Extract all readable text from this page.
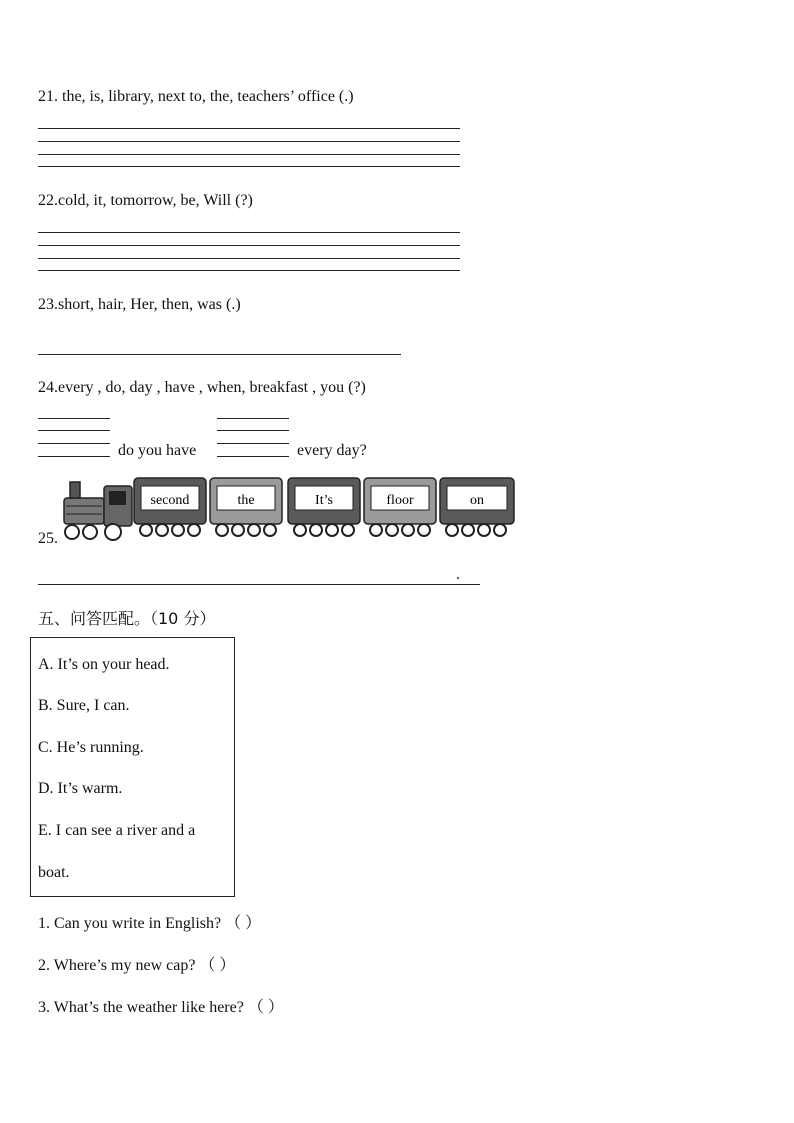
21. the, is, library, next to, the, teachers’ office (.)
22.cold, it, tomorrow, be, Will (?)
23.short, hair, Her, then, was (.)
24.every , do, day , have , when, breakfast , you (?)
do you have	every day?
second	the	It’s	floor	on
25.
.
五、问答匹配。（10 分）
A. It’s on your head.
B. Sure, I can.
C. He’s running.
D. It’s warm.
E. I can see a river and a
boat.
1. Can you write in English? （ ）
2. Where’s my new cap? （ ）
3. What’s the weather like here? （ ）
